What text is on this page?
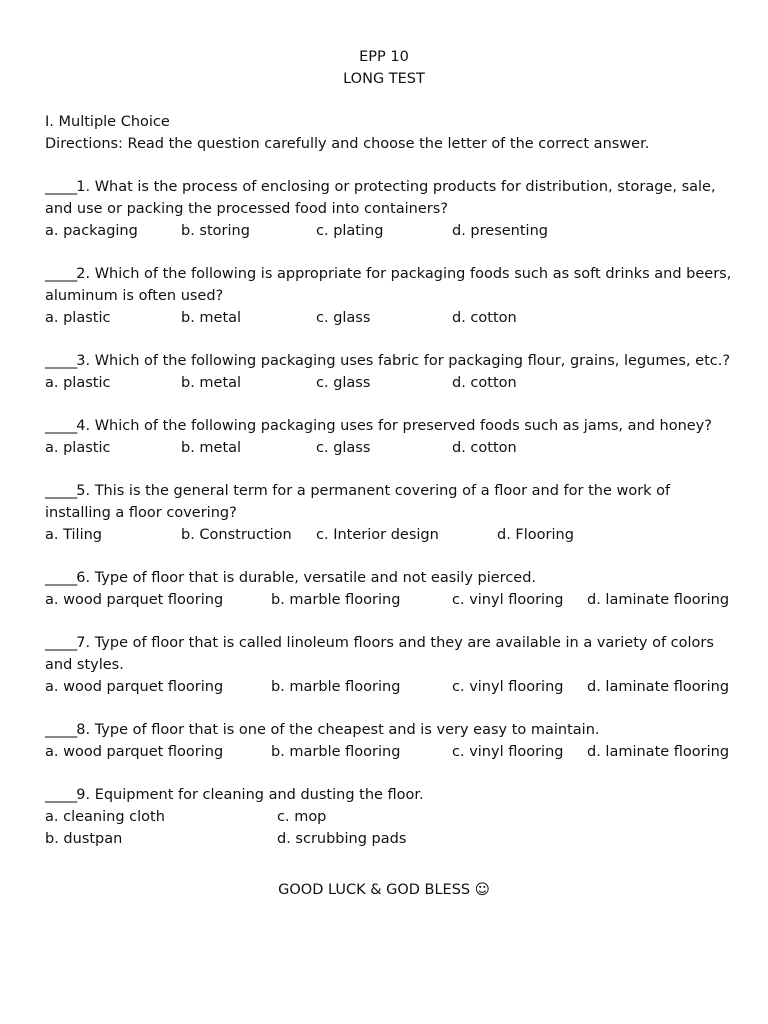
EPP 10
LONG TEST
I. Multiple Choice
Directions: Read the question carefully and choose the letter of the correct answer.
_____1. What is the process of enclosing or protecting products for distribution, storage, sale,
and use or packing the processed food into containers?
a. packaging	b. storing	c. plating	d. presenting
_____2. Which of the following is appropriate for packaging foods such as soft drinks and beers,
aluminum is often used?
a. plastic	b. metal	c. glass	d. cotton
_____3. Which of the following packaging uses fabric for packaging flour, grains, legumes, etc.?
a. plastic	b. metal	c. glass	d. cotton
_____4. Which of the following packaging uses for preserved foods such as jams, and honey?
a. plastic	b. metal	c. glass	d. cotton
_____5. This is the general term for a permanent covering of a floor and for the work of
installing a floor covering?
a. Tiling	b. Construction c. Interior design	d. Flooring
_____6. Type of floor that is durable, versatile and not easily pierced.
a. wood parquet flooring	b. marble flooring	c. vinyl flooring d. laminate flooring
_____7. Type of floor that is called linoleum floors and they are available in a variety of colors
and styles.
a. wood parquet flooring	b. marble flooring	c. vinyl flooring d. laminate flooring
_____8. Type of floor that is one of the cheapest and is very easy to maintain.
a. wood parquet flooring	b. marble flooring	c. vinyl flooring d. laminate flooring
_____9. Equipment for cleaning and dusting the floor.
a. cleaning cloth	c. mop
b. dustpan	d. scrubbing pads
GOOD LUCK & GOD BLESS ☺
